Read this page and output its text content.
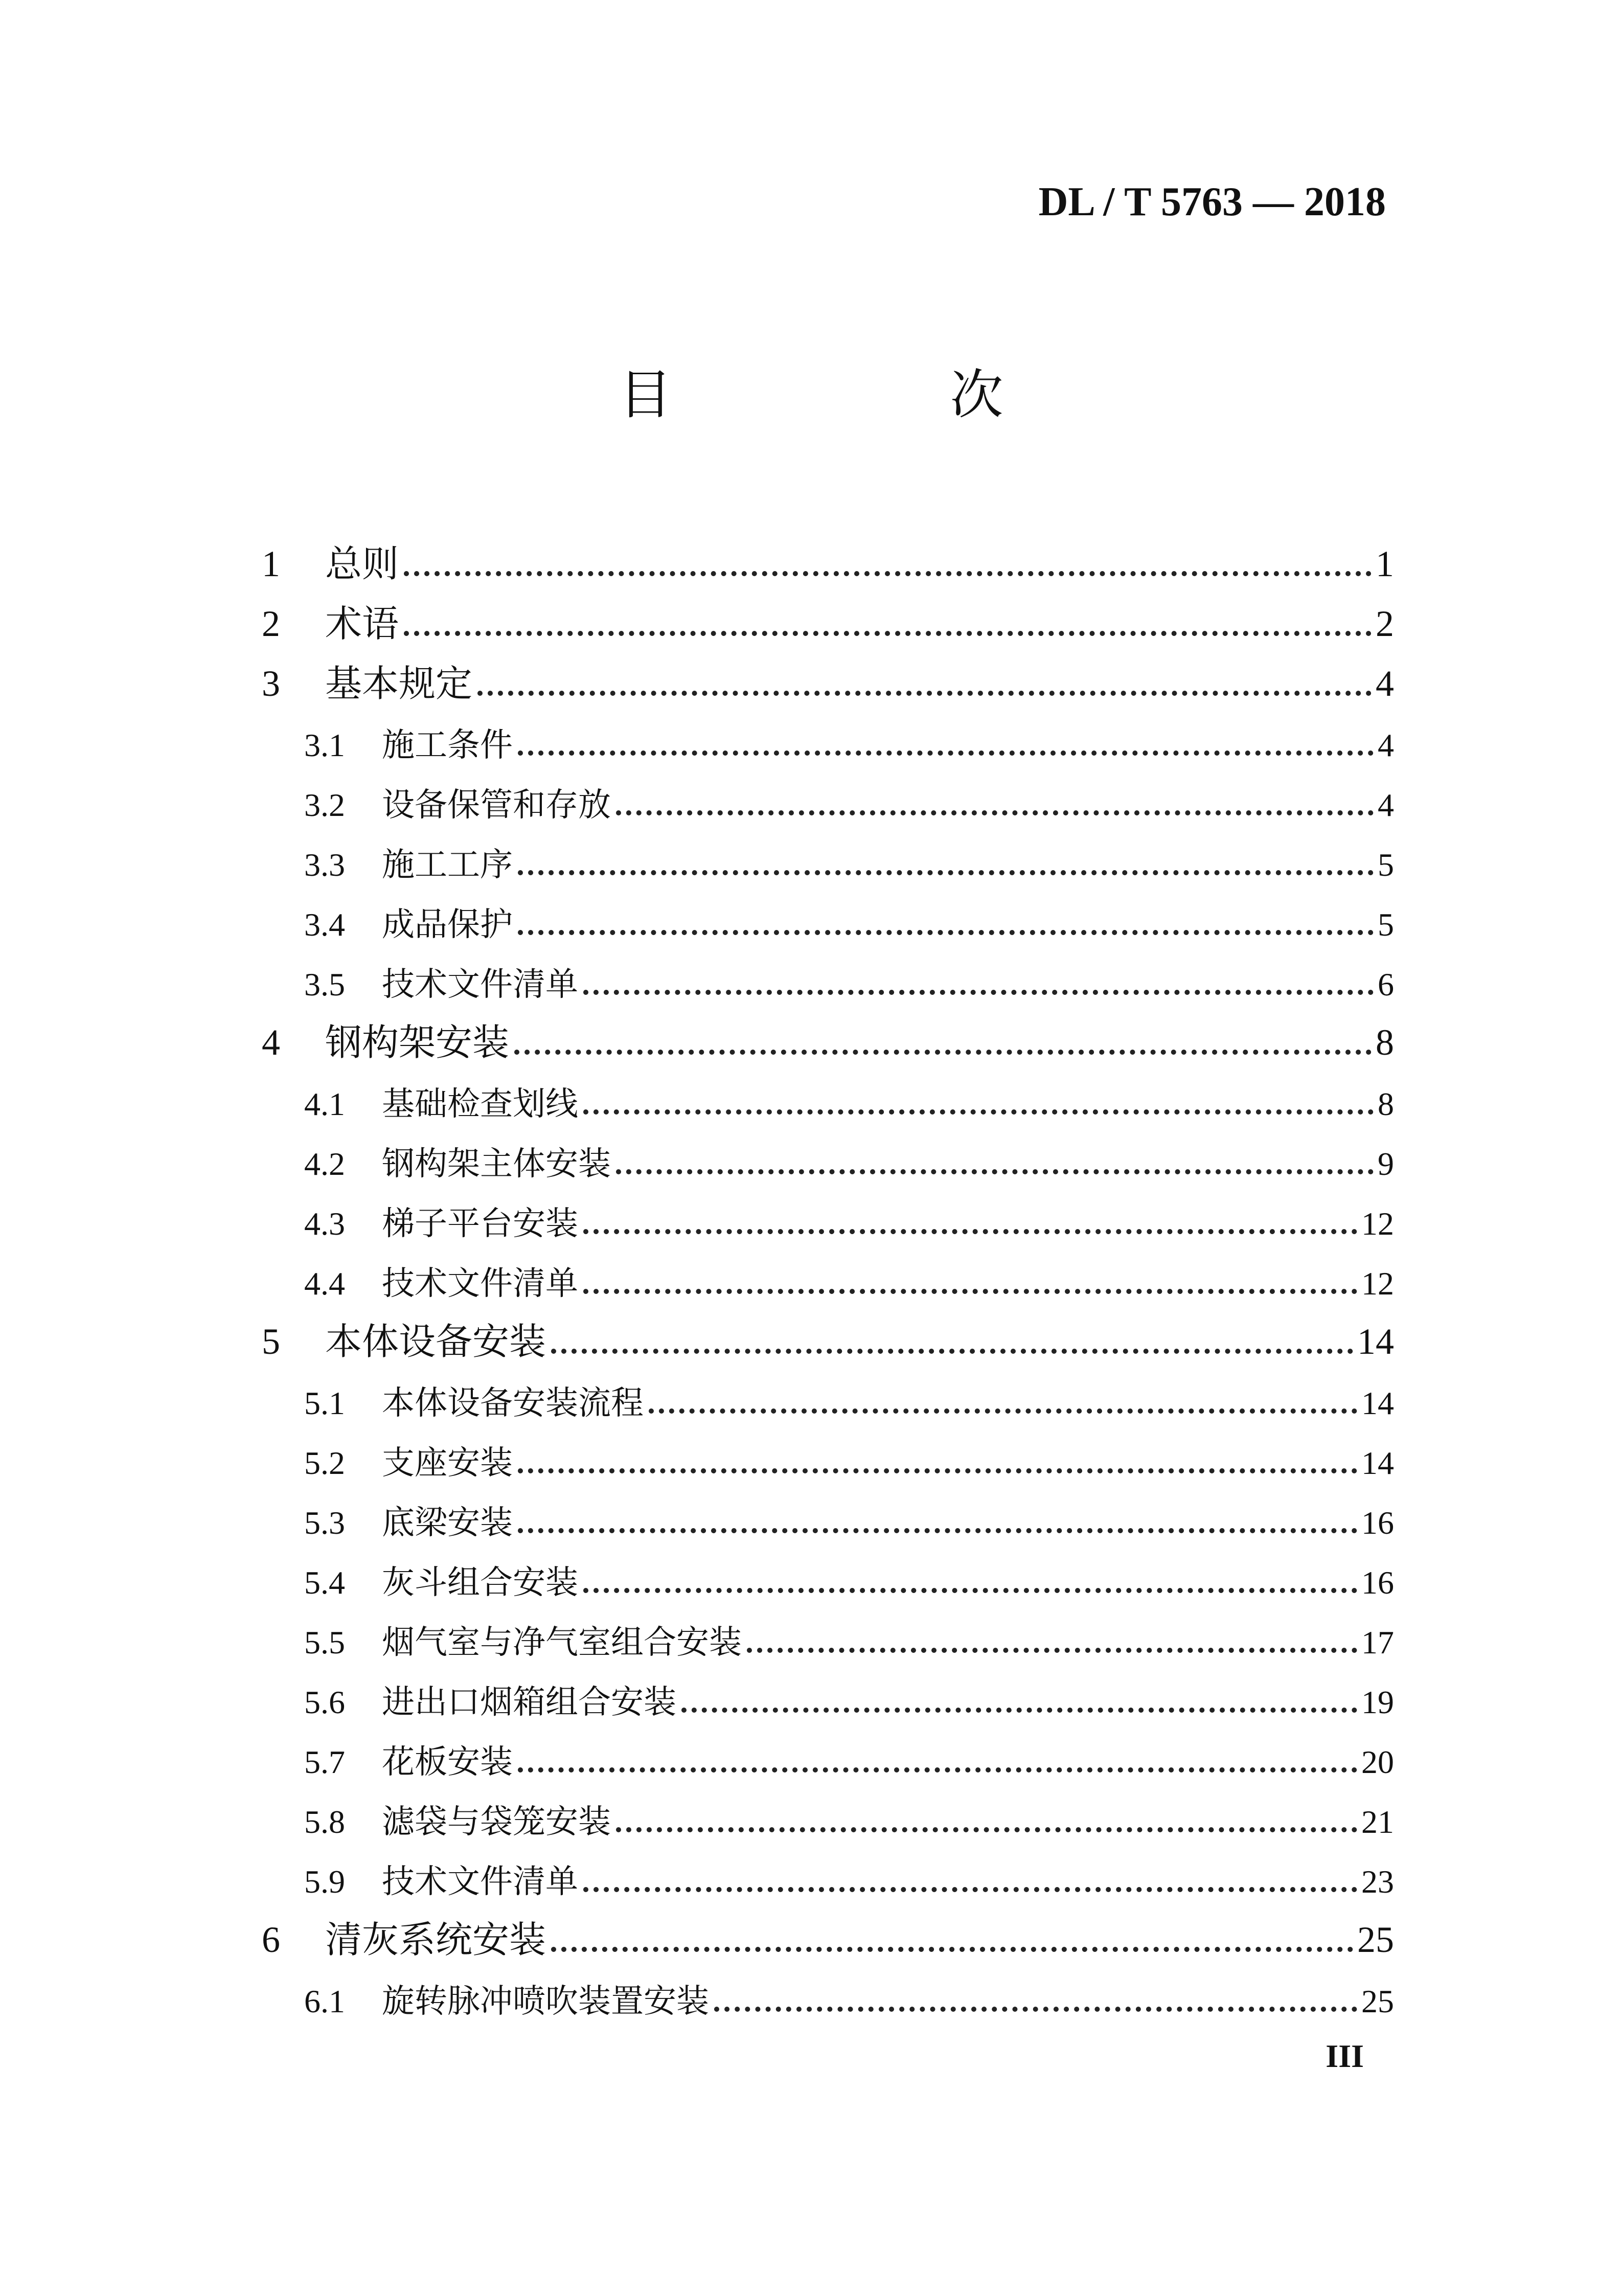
DL / T 5763 — 2018
目　次
1	总则	1
2	术语	2
3	基本规定	4
3.1	施工条件	4
3.2	设备保管和存放	4
3.3	施工工序	5
3.4	成品保护	5
3.5	技术文件清单	6
4	钢构架安装	8
4.1	基础检查划线	8
4.2	钢构架主体安装	9
4.3	梯子平台安装	12
4.4	技术文件清单	12
5	本体设备安装	14
5.1	本体设备安装流程	14
5.2	支座安装	14
5.3	底梁安装	16
5.4	灰斗组合安装	16
5.5	烟气室与净气室组合安装	17
5.6	进出口烟箱组合安装	19
5.7	花板安装	20
5.8	滤袋与袋笼安装	21
5.9	技术文件清单	23
6	清灰系统安装	25
6.1	旋转脉冲喷吹装置安装	25
III
